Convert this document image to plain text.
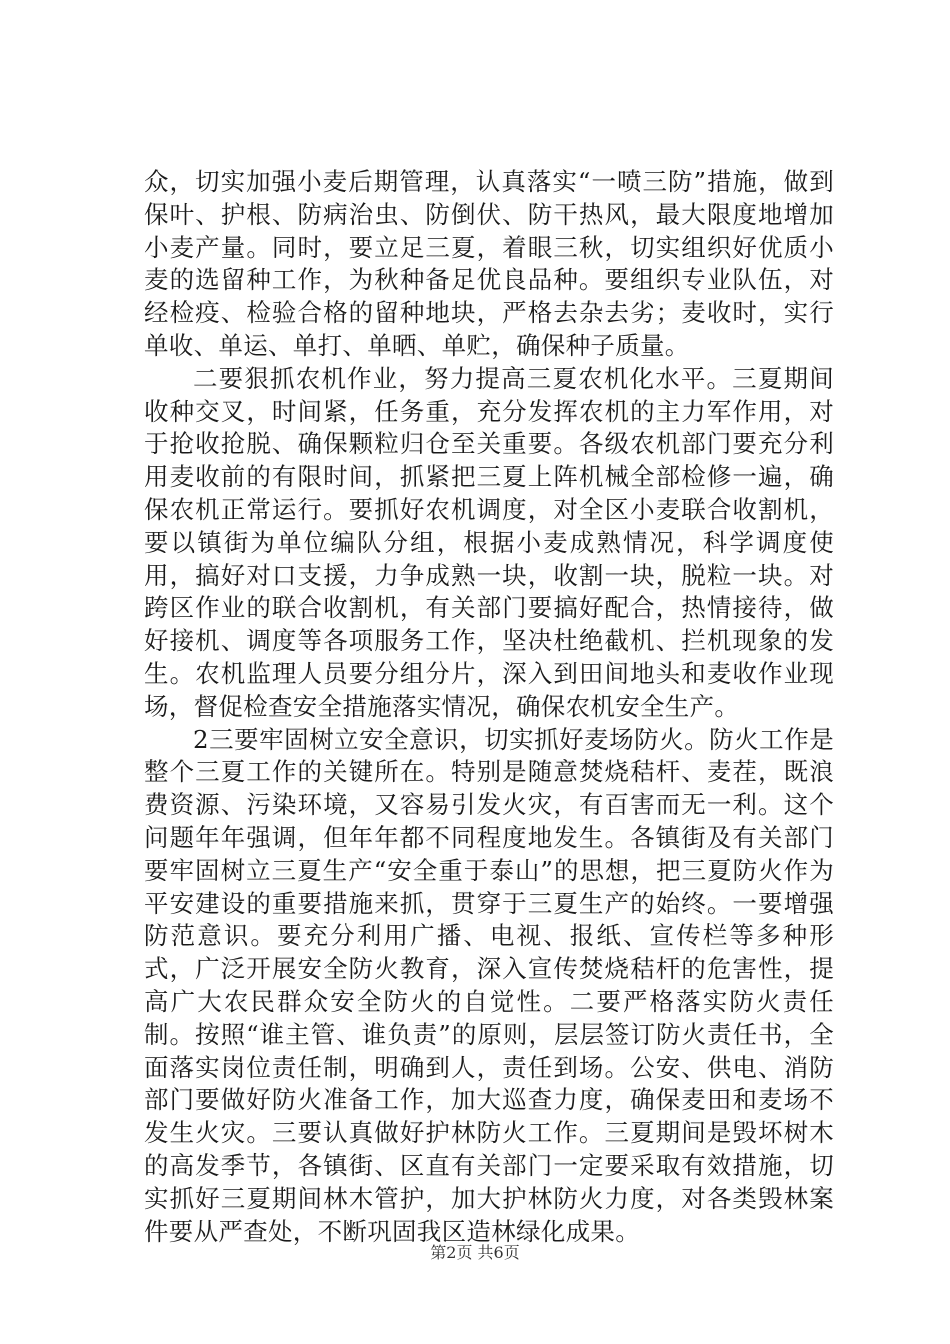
众，切实加强小麦后期管理，认真落实“一喷三防”措施，做到保叶、护根、防病治虫、防倒伏、防干热风，最大限度地增加小麦产量。同时，要立足三夏，着眼三秋，切实组织好优质小麦的选留种工作，为秋种备足优良品种。要组织专业队伍，对经检疫、检验合格的留种地块，严格去杂去劣；麦收时，实行单收、单运、单打、单晒、单贮，确保种子质量。

二要狠抓农机作业，努力提高三夏农机化水平。三夏期间收种交叉，时间紧，任务重，充分发挥农机的主力军作用，对于抢收抢脱、确保颗粒归仓至关重要。各级农机部门要充分利用麦收前的有限时间，抓紧把三夏上阵机械全部检修一遍，确保农机正常运行。要抓好农机调度，对全区小麦联合收割机，要以镇街为单位编队分组，根据小麦成熟情况，科学调度使用，搞好对口支援，力争成熟一块，收割一块，脱粒一块。对跨区作业的联合收割机，有关部门要搞好配合，热情接待，做好接机、调度等各项服务工作，坚决杜绝截机、拦机现象的发生。农机监理人员要分组分片，深入到田间地头和麦收作业现场，督促检查安全措施落实情况，确保农机安全生产。

2三要牢固树立安全意识，切实抓好麦场防火。防火工作是整个三夏工作的关键所在。特别是随意焚烧秸杆、麦茬，既浪费资源、污染环境，又容易引发火灾，有百害而无一利。这个问题年年强调，但年年都不同程度地发生。各镇街及有关部门要牢固树立三夏生产“安全重于泰山”的思想，把三夏防火作为平安建设的重要措施来抓，贯穿于三夏生产的始终。一要增强防范意识。要充分利用广播、电视、报纸、宣传栏等多种形式，广泛开展安全防火教育，深入宣传焚烧秸杆的危害性，提高广大农民群众安全防火的自觉性。二要严格落实防火责任制。按照“谁主管、谁负责”的原则，层层签订防火责任书，全面落实岗位责任制，明确到人，责任到场。公安、供电、消防部门要做好防火准备工作，加大巡查力度，确保麦田和麦场不发生火灾。三要认真做好护林防火工作。三夏期间是毁坏树木的高发季节，各镇街、区直有关部门一定要采取有效措施，切实抓好三夏期间林木管护，加大护林防火力度，对各类毁林案件要从严查处，不断巩固我区造林绿化成果。

第2页 共6页
